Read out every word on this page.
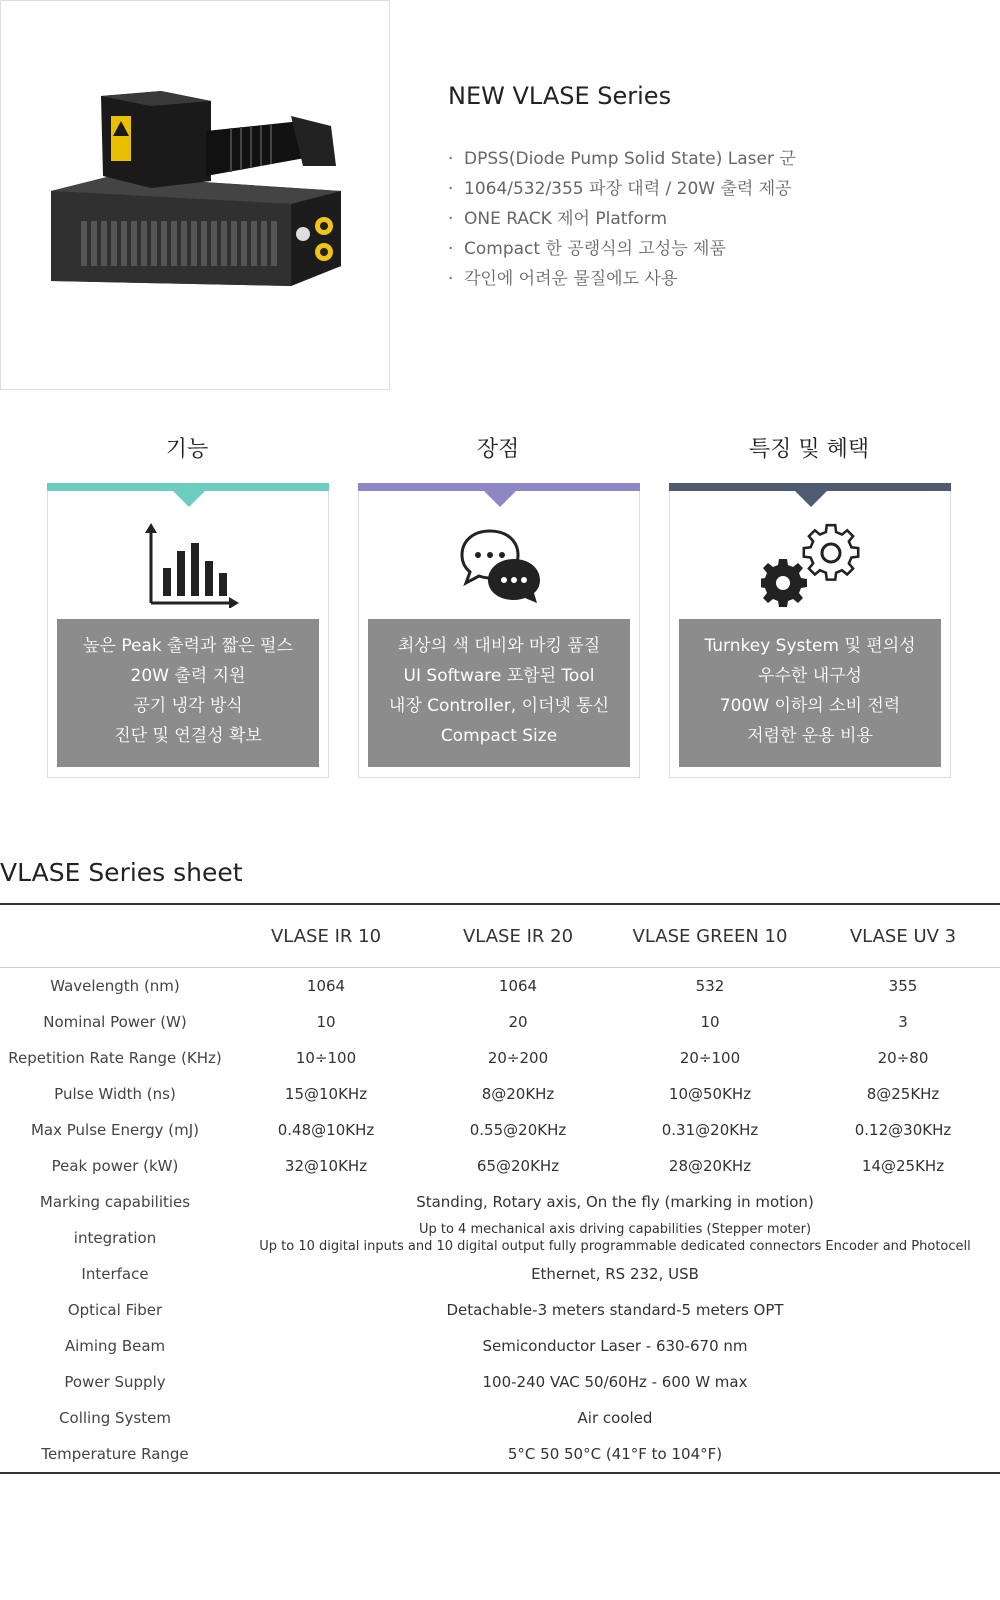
NEW VLASE Series
· DPSS(Diode Pump Solid State) Laser 군
· 1064/532/355 파장 대력 / 20W 출력 제공
· ONE RACK 제어 Platform
· Compact 한 공랭식의 고성능 제품
· 각인에 어려운 물질에도 사용
기능	장점	특징 및 혜택
높은 Peak 출력과 짧은 펄스
20W 출력 지원
공기 냉각 방식
진단 및 연결성 확보
최상의 색 대비와 마킹 품질
UI Software 포함된 Tool
내장 Controller, 이더넷 통신
Compact Size
Turnkey System 및 편의성
우수한 내구성
700W 이하의 소비 전력
저렴한 운용 비용
VLASE Series sheet
	VLASE IR 10	VLASE IR 20	VLASE GREEN 10	VLASE UV 3
Wavelength (nm)	1064	1064	532	355
Nominal Power (W)	10	20	10	3
Repetition Rate Range (KHz)	10÷100	20÷200	20÷100	20÷80
Pulse Width (ns)	15@10KHz	8@20KHz	10@50KHz	8@25KHz
Max Pulse Energy (mJ)	0.48@10KHz	0.55@20KHz	0.31@20KHz	0.12@30KHz
Peak power (kW)	32@10KHz	65@20KHz	28@20KHz	14@25KHz
Marking capabilities	Standing, Rotary axis, On the fly (marking in motion)			
integration	Up to 4 mechanical axis driving capabilities (Stepper moter)
Up to 10 digital inputs and 10 digital output fully programmable dedicated connectors Encoder and Photocell			

Interface	Ethernet, RS 232, USB			
Optical Fiber	Detachable-3 meters standard-5 meters OPT			
Aiming Beam	Semiconductor Laser - 630-670 nm			
Power Supply	100-240 VAC 50/60Hz - 600 W max			
Colling System	Air cooled			
Temperature Range	5°C 50 50°C (41°F to 104°F)			
